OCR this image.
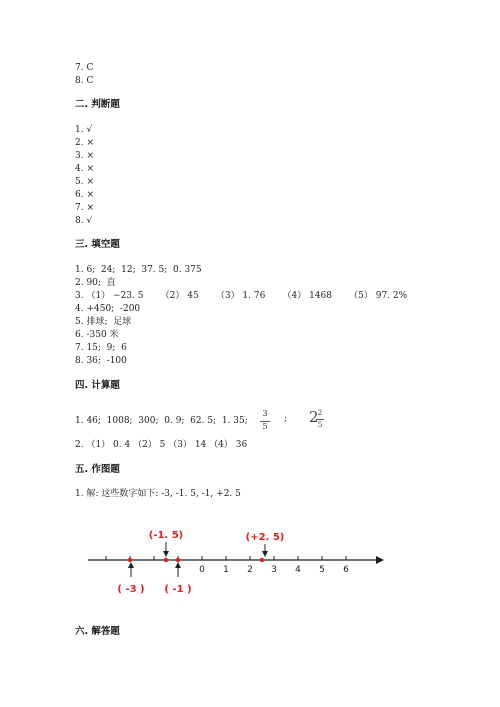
7. C
8. C
二. 判断题
1. √
2. ×
3. ×
4. ×
5. ×
6. ×
7. ×
8. √
三. 填空题
1. 6;  24;  12;  37. 5;  0. 375
2. 90;  直
3. （1） −23. 5      （2） 45      （3） 1. 76      （4） 1468      （5） 97. 2%
4. +450;  -200
5. 排球;  足球
6. -350 米
7. 15;  9;  6
8. 36;  -100
四. 计算题
1. 46;  1008;  300;  0. 9;  62. 5;  1. 35;
3
5
; 2 2
5
2. （1） 0. 4 （2） 5 （3） 14 （4） 36
五. 作图题
1. 解: 这些数字如下: -3, -1. 5, -1, +2. 5
0 1 2 3 4 5 6
(-1. 5)	(+2. 5)
( -3 ) ( -1 )
六. 解答题
